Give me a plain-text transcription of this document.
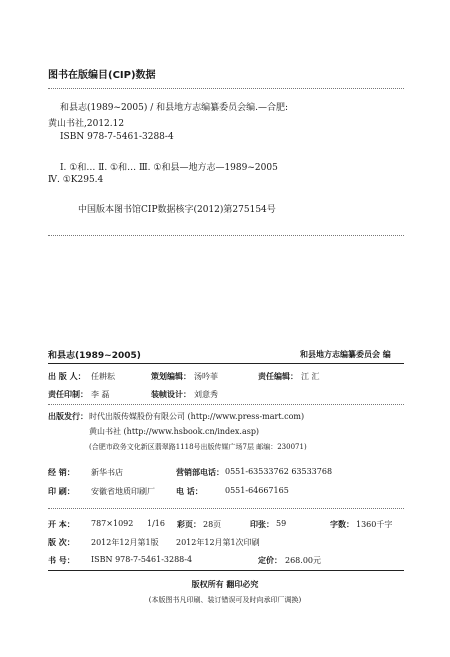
图书在版编目(CIP)数据
和县志(1989~2005) / 和县地方志编纂委员会编.—合肥:
黄山书社,2012.12
ISBN 978-7-5461-3288-4
Ⅰ. ①和… Ⅱ. ①和… Ⅲ. ①和县—地方志—1989~2005
Ⅳ. ①K295.4
中国版本图书馆CIP数据核字(2012)第275154号
和县志(1989~2005)	和县地方志编纂委员会 编
出 版 人： 任耕耘	策划编辑： 汤吟菲	责任编辑： 江 汇
责任印制： 李 磊	装帧设计： 刘意秀
出版发行： 时代出版传媒股份有限公司 (http://www.press-mart.com)
黄山书社 (http://www.hsbook.cn/index.asp)
(合肥市政务文化新区翡翠路1118号出版传媒广场7层 邮编：230071)
经 销： 新华书店	营销部电话： 0551-63533762 63533768
印 刷： 安徽省地质印刷厂	电 话：	0551-64667165
开 本： 787×1092 1/16 彩页： 28页	印张： 59	字数： 1360千字
版 次： 2012年12月第1版 2012年12月第1次印刷
书 号： ISBN 978-7-5461-3288-4	定价： 268.00元
版权所有 翻印必究
(本版图书凡印刷、装订错误可及时向承印厂调换)
